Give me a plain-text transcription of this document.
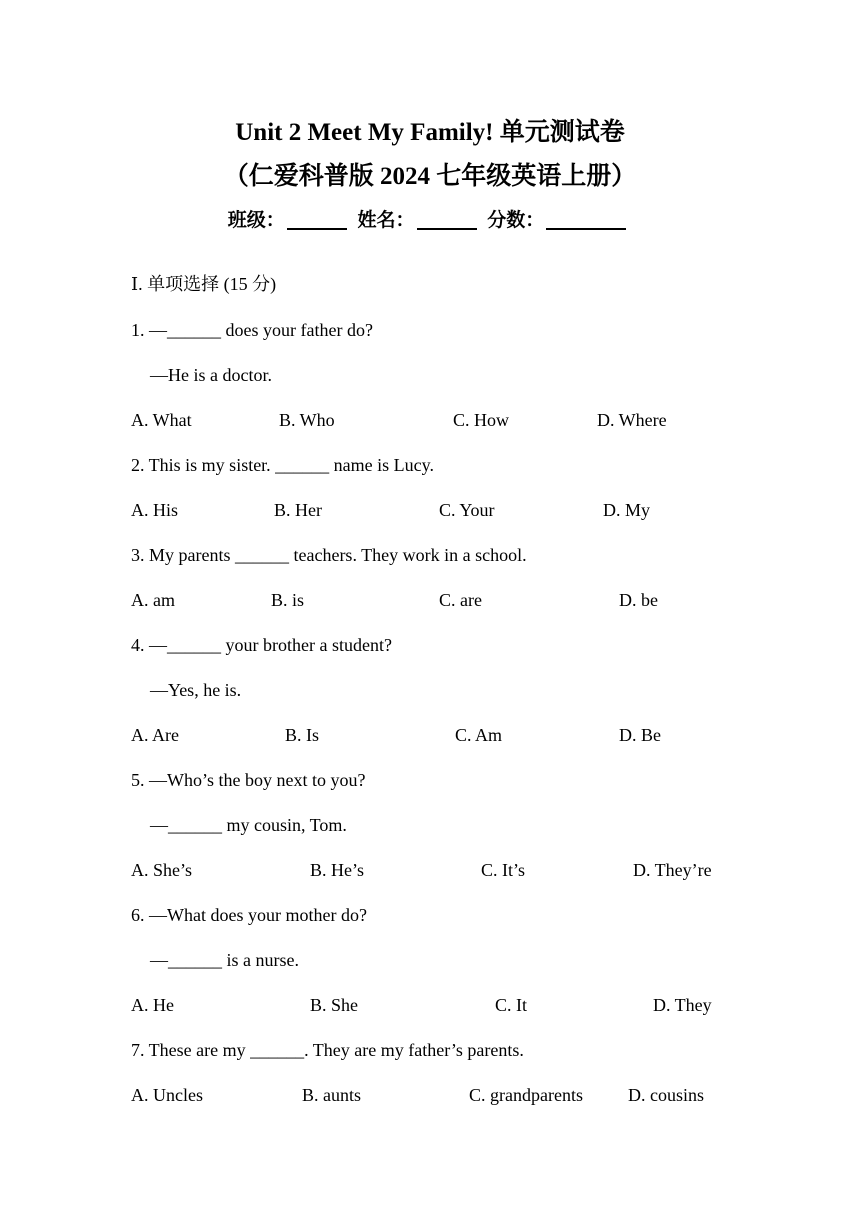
Unit 2 Meet My Family! 单元测试卷
（仁爱科普版 2024 七年级英语上册）
班级：	姓名：	分数：
Ⅰ. 单项选择 (15 分)
1. —______ does your father do?
—He is a doctor.
A. What	B. Who	C. How	D. Where
2. This is my sister. ______ name is Lucy.
A. His	B. Her	C. Your	D. My
3. My parents ______ teachers. They work in a school.
A. am	B. is	C. are	D. be
4. —______ your brother a student?
—Yes, he is.
A. Are	B. Is	C. Am	D. Be
5. —Who’s the boy next to you?
—______ my cousin, Tom.
A. She’s	B. He’s	C. It’s	D. They’re
6. —What does your mother do?
—______ is a nurse.
A. He	B. She	C. It	D. They
7. These are my ______. They are my father’s parents.
A. Uncles	B. aunts	C. grandparents	D. cousins
